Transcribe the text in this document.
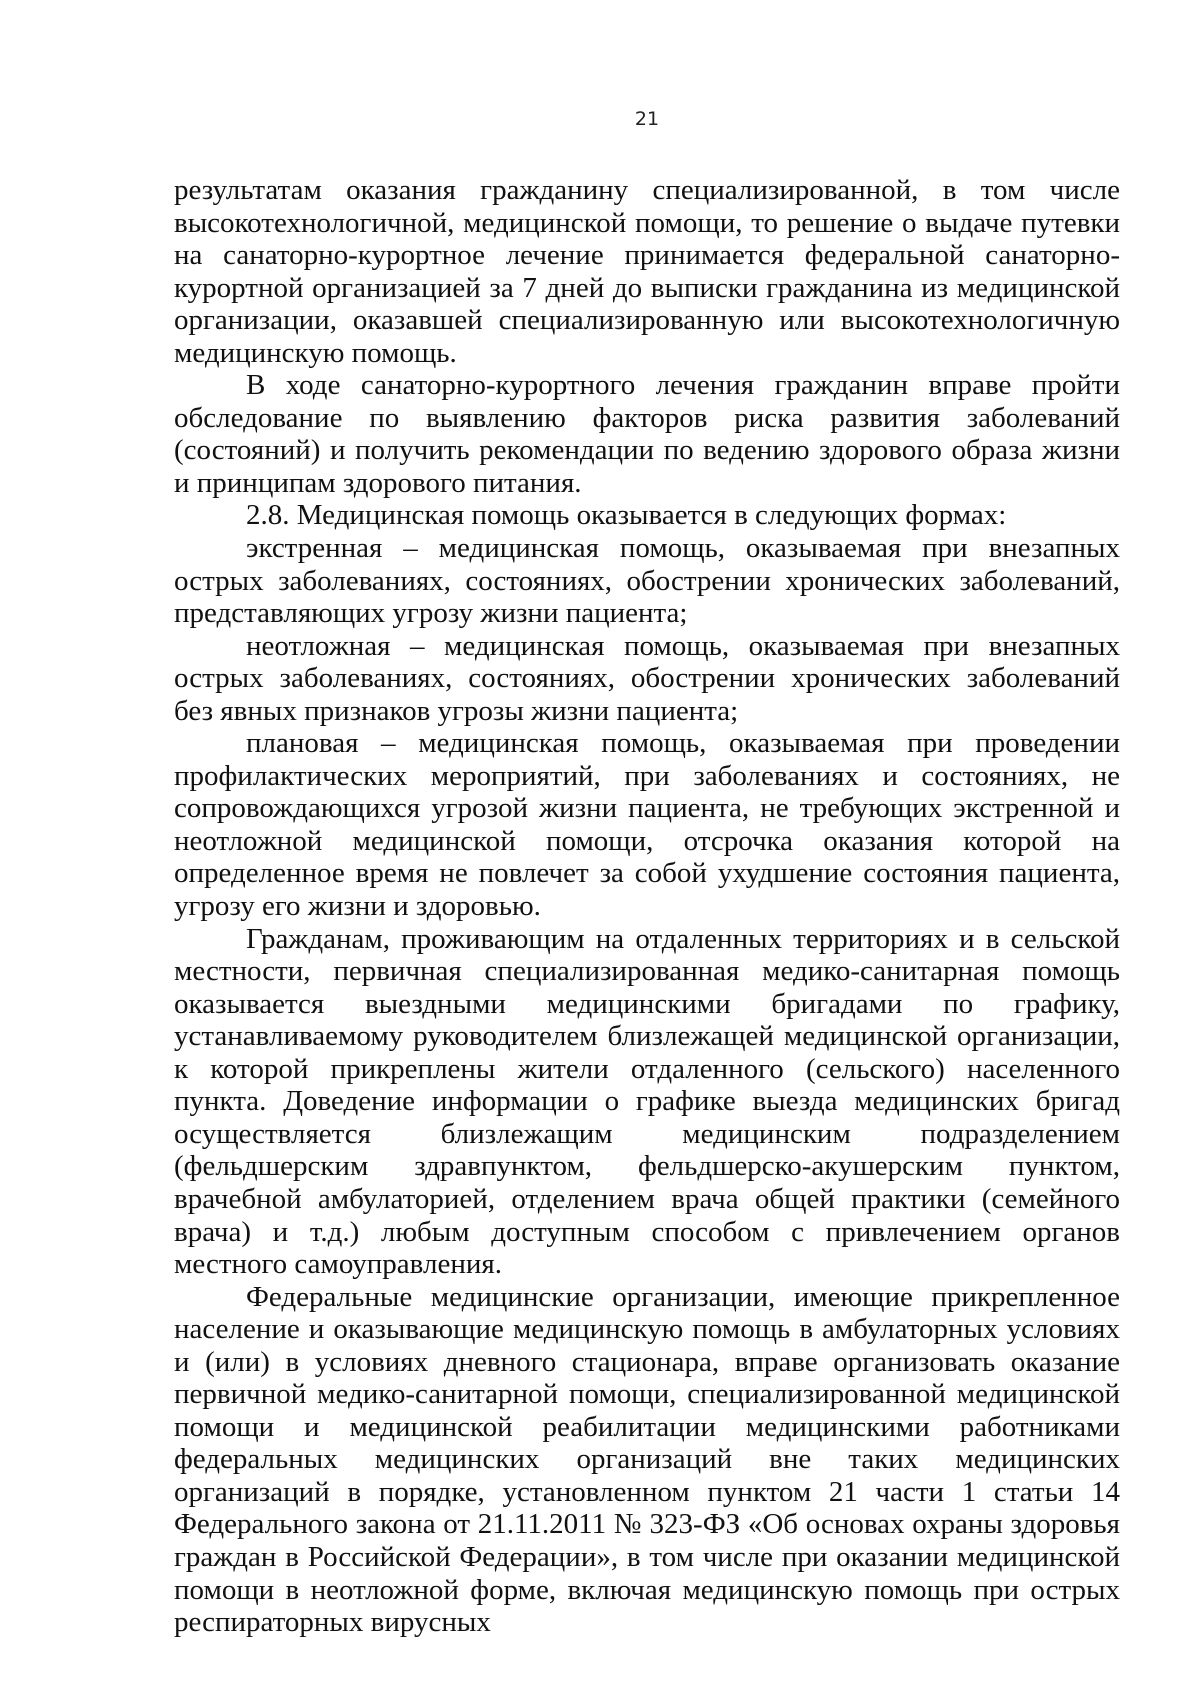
21

результатам оказания гражданину специализированной, в том числе высокотехнологичной, медицинской помощи, то решение о выдаче путевки на санаторно-курортное лечение принимается федеральной санаторно-курортной организацией за 7 дней до выписки гражданина из медицинской организации, оказавшей специализированную или высокотехнологичную медицинскую помощь.

В ходе санаторно-курортного лечения гражданин вправе пройти обследование по выявлению факторов риска развития заболеваний (состояний) и получить рекомендации по ведению здорового образа жизни и принципам здорового питания.

2.8. Медицинская помощь оказывается в следующих формах:

экстренная – медицинская помощь, оказываемая при внезапных острых заболеваниях, состояниях, обострении хронических заболеваний, представляющих угрозу жизни пациента;

неотложная – медицинская помощь, оказываемая при внезапных острых заболеваниях, состояниях, обострении хронических заболеваний без явных признаков угрозы жизни пациента;

плановая – медицинская помощь, оказываемая при проведении профилактических мероприятий, при заболеваниях и состояниях, не сопровождающихся угрозой жизни пациента, не требующих экстренной и неотложной медицинской помощи, отсрочка оказания которой на определенное время не повлечет за собой ухудшение состояния пациента, угрозу его жизни и здоровью.

Гражданам, проживающим на отдаленных территориях и в сельской местности, первичная специализированная медико-санитарная помощь оказывается выездными медицинскими бригадами по графику, устанавливаемому руководителем близлежащей медицинской организации, к которой прикреплены жители отдаленного (сельского) населенного пункта. Доведение информации о графике выезда медицинских бригад осуществляется близлежащим медицинским подразделением (фельдшерским здравпунктом, фельдшерско-акушерским пунктом, врачебной амбулаторией, отделением врача общей практики (семейного врача) и т.д.) любым доступным способом с привлечением органов местного самоуправления.

Федеральные медицинские организации, имеющие прикрепленное население и оказывающие медицинскую помощь в амбулаторных условиях и (или) в условиях дневного стационара, вправе организовать оказание первичной медико-санитарной помощи, специализированной медицинской помощи и медицинской реабилитации медицинскими работниками федеральных медицинских организаций вне таких медицинских организаций в порядке, установленном пунктом 21 части 1 статьи 14 Федерального закона от 21.11.2011 № 323-ФЗ «Об основах охраны здоровья граждан в Российской Федерации», в том числе при оказании медицинской помощи в неотложной форме, включая медицинскую помощь при острых респираторных вирусных
